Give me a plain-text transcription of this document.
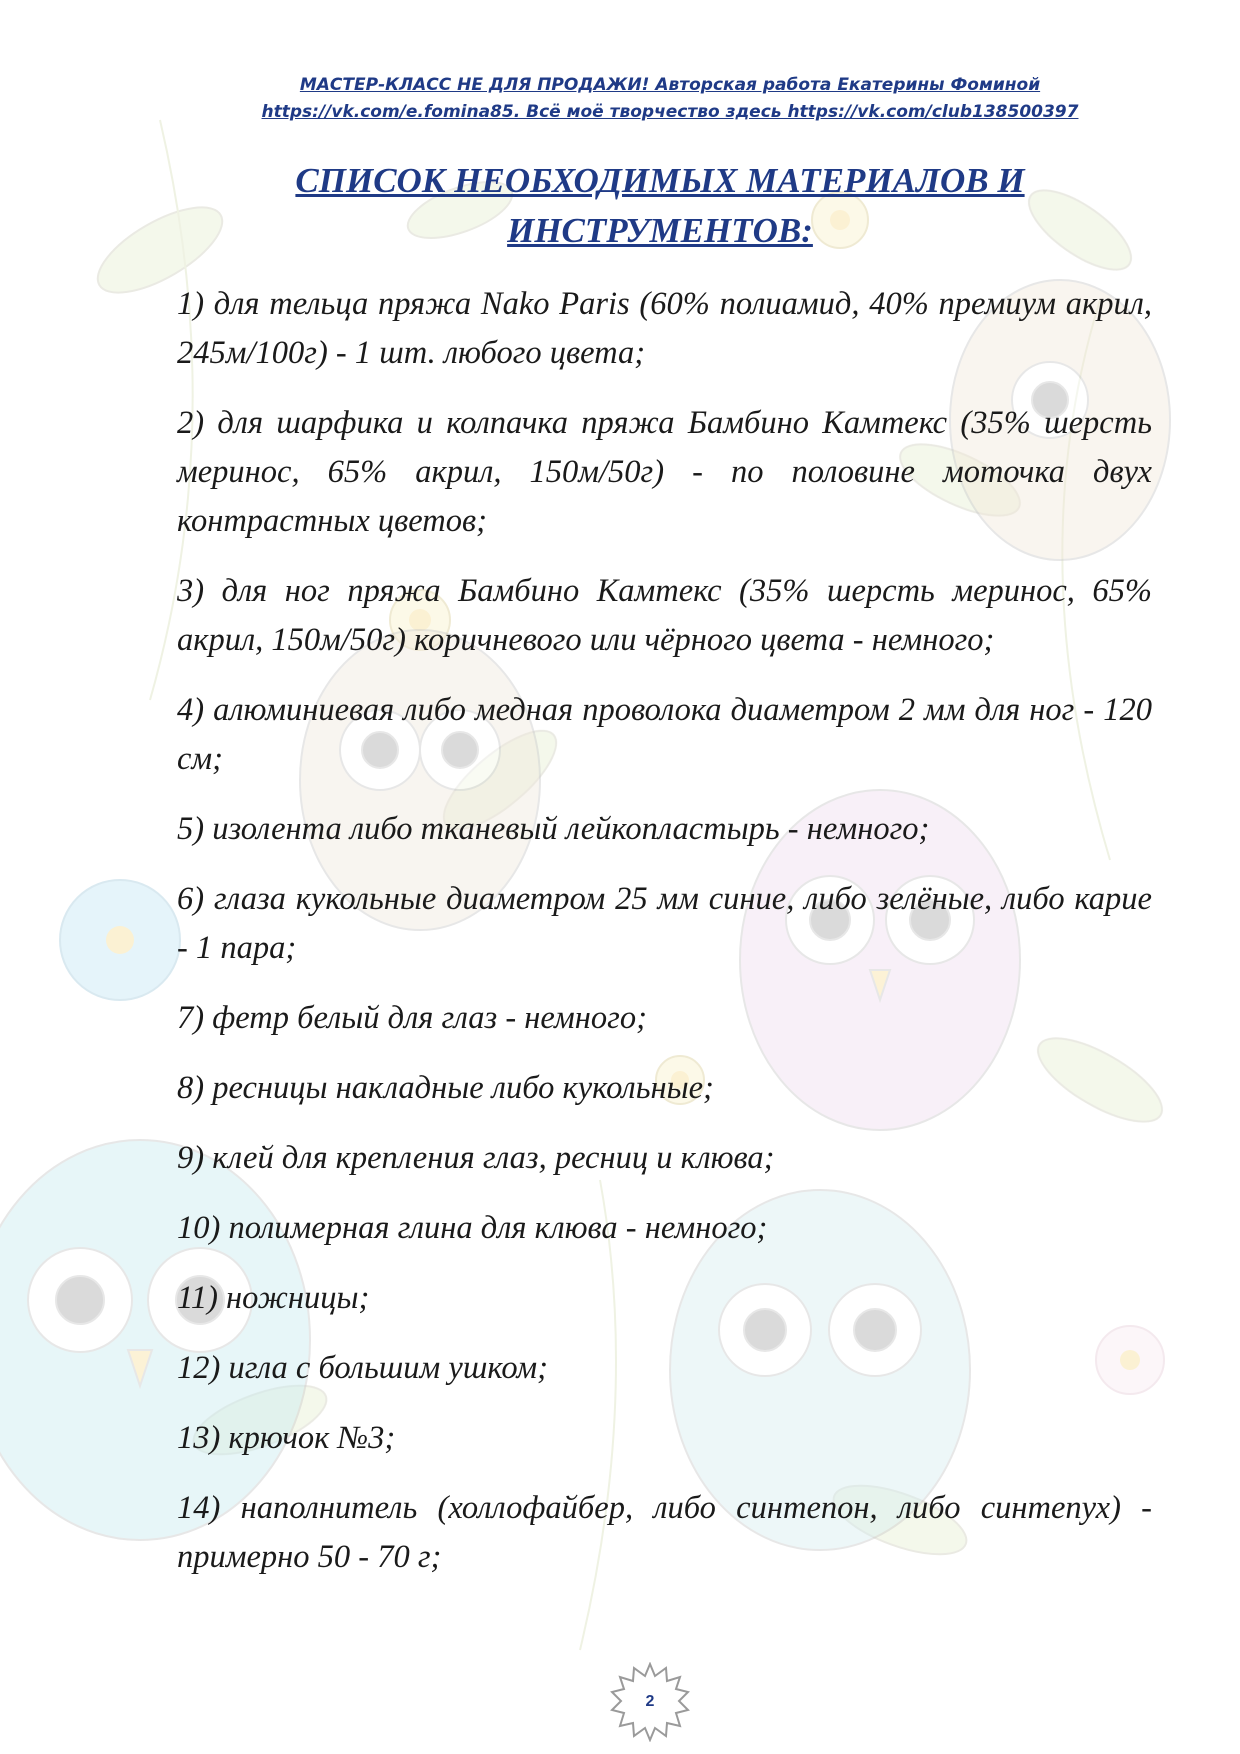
МАСТЕР-КЛАСС НЕ ДЛЯ ПРОДАЖИ! Авторская работа Екатерины Фоминой
https://vk.com/e.fomina85. Всё моё творчество здесь https://vk.com/club138500397
СПИСОК НЕОБХОДИМЫХ МАТЕРИАЛОВ И ИНСТРУМЕНТОВ:

1) для тельца пряжа Nako Paris (60% полиамид, 40% премиум акрил, 245м/100г) - 1 шт. любого цвета;

2) для шарфика и колпачка пряжа Бамбино Камтекс (35% шерсть меринос, 65% акрил, 150м/50г) - по половине моточка двух контрастных цветов;

3) для ног пряжа Бамбино Камтекс (35% шерсть меринос, 65% акрил, 150м/50г) коричневого или чёрного цвета - немного;

4) алюминиевая либо медная проволока диаметром 2 мм для ног - 120 см;

5) изолента либо тканевый лейкопластырь - немного;

6) глаза кукольные диаметром 25 мм синие, либо зелёные, либо карие - 1 пара;

7) фетр белый для глаз - немного;

8) ресницы накладные либо кукольные;

9) клей для крепления глаз, ресниц и клюва;

10) полимерная глина для клюва - немного;

11) ножницы;

12) игла с большим ушком;

13) крючок №3;

14) наполнитель (холлофайбер, либо синтепон, либо синтепух) - примерно 50 - 70 г;

2
